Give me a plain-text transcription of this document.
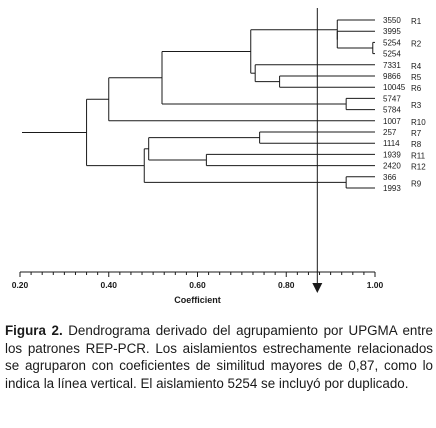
3550
3995
5254
5254
7331
9866
10045
5747
5784
1007
257
1114
1939
2420
366
1993
R1
R2
R4
R5
R6
R3
R10
R7
R8
R11
R12
R9
0.20	0.40	0.60	0.80	1.00
Coefficient
Figura 2. Dendrograma derivado del agrupamiento por UPGMA entre los patrones REP-PCR. Los aislamientos estrechamente relacionados se agruparon con coeficientes de similitud mayores de 0,87, como lo indica la línea vertical. El aislamiento 5254 se incluyó por duplicado.
